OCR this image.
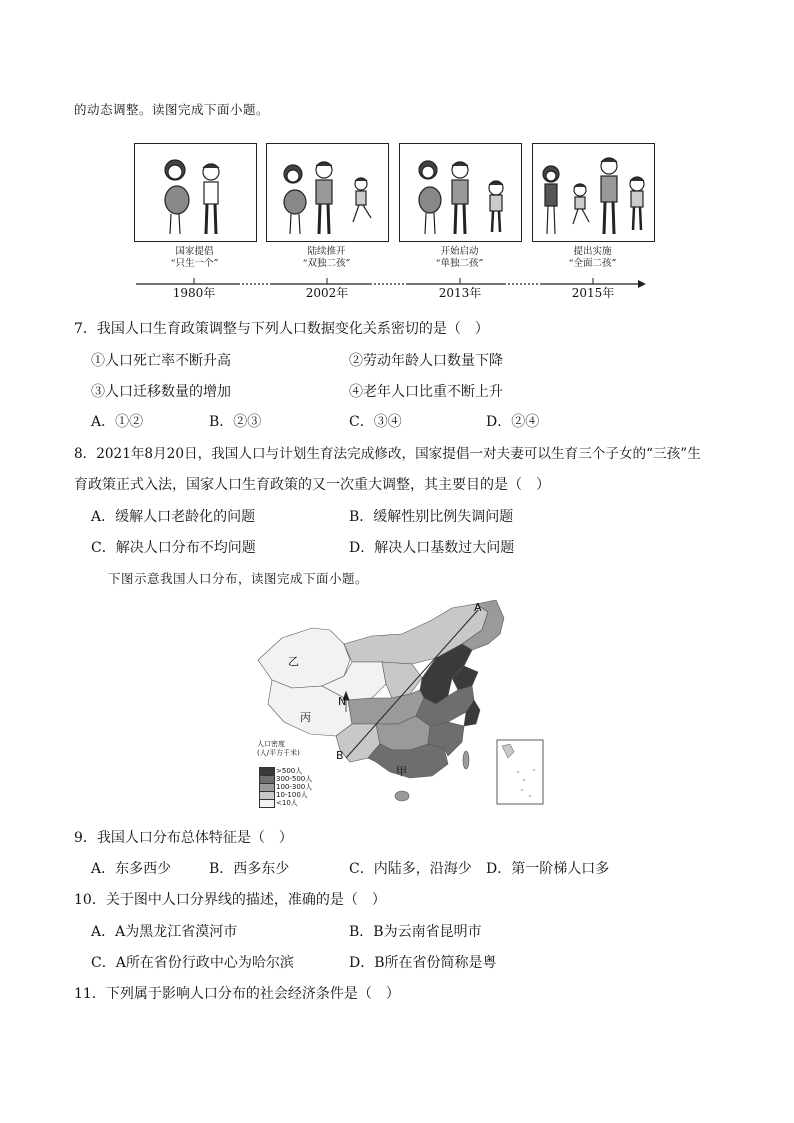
的动态调整。读图完成下面小题。
国家提倡
“只生一个”
陆续推开
“双独二孩”
开始启动
“单独二孩”
提出实施
“全面二孩”
1980年	2002年	2013年	2015年
7．我国人口生育政策调整与下列人口数据变化关系密切的是（　）
①人口死亡率不断升高	②劳动年龄人口数量下降
③人口迁移数量的增加	④老年人口比重不断上升
A．①②	B．②③	C．③④	D．②④
8．2021年8月20日，我国人口与计划生育法完成修改，国家提倡一对夫妻可以生育三个子女的“三孩”生
育政策正式入法，国家人口生育政策的又一次重大调整，其主要目的是（　）
A．缓解人口老龄化的问题	B．缓解性别比例失调问题
C．解决人口分布不均问题	D．解决人口基数过大问题
下图示意我国人口分布，读图完成下面小题。
A
B
N
乙
丙
甲
人口密度
(人/平方千米)
>500人
300-500人
100-300人
10-100人
<10人
9．我国人口分布总体特征是（　）
A．东多西少	B．西多东少	C．内陆多，沿海少 D．第一阶梯人口多
10．关于图中人口分界线的描述，准确的是（　）
A．A为黑龙江省漠河市	B．B为云南省昆明市
C．A所在省份行政中心为哈尔滨	D．B所在省份简称是粤
11．下列属于影响人口分布的社会经济条件是（　）
